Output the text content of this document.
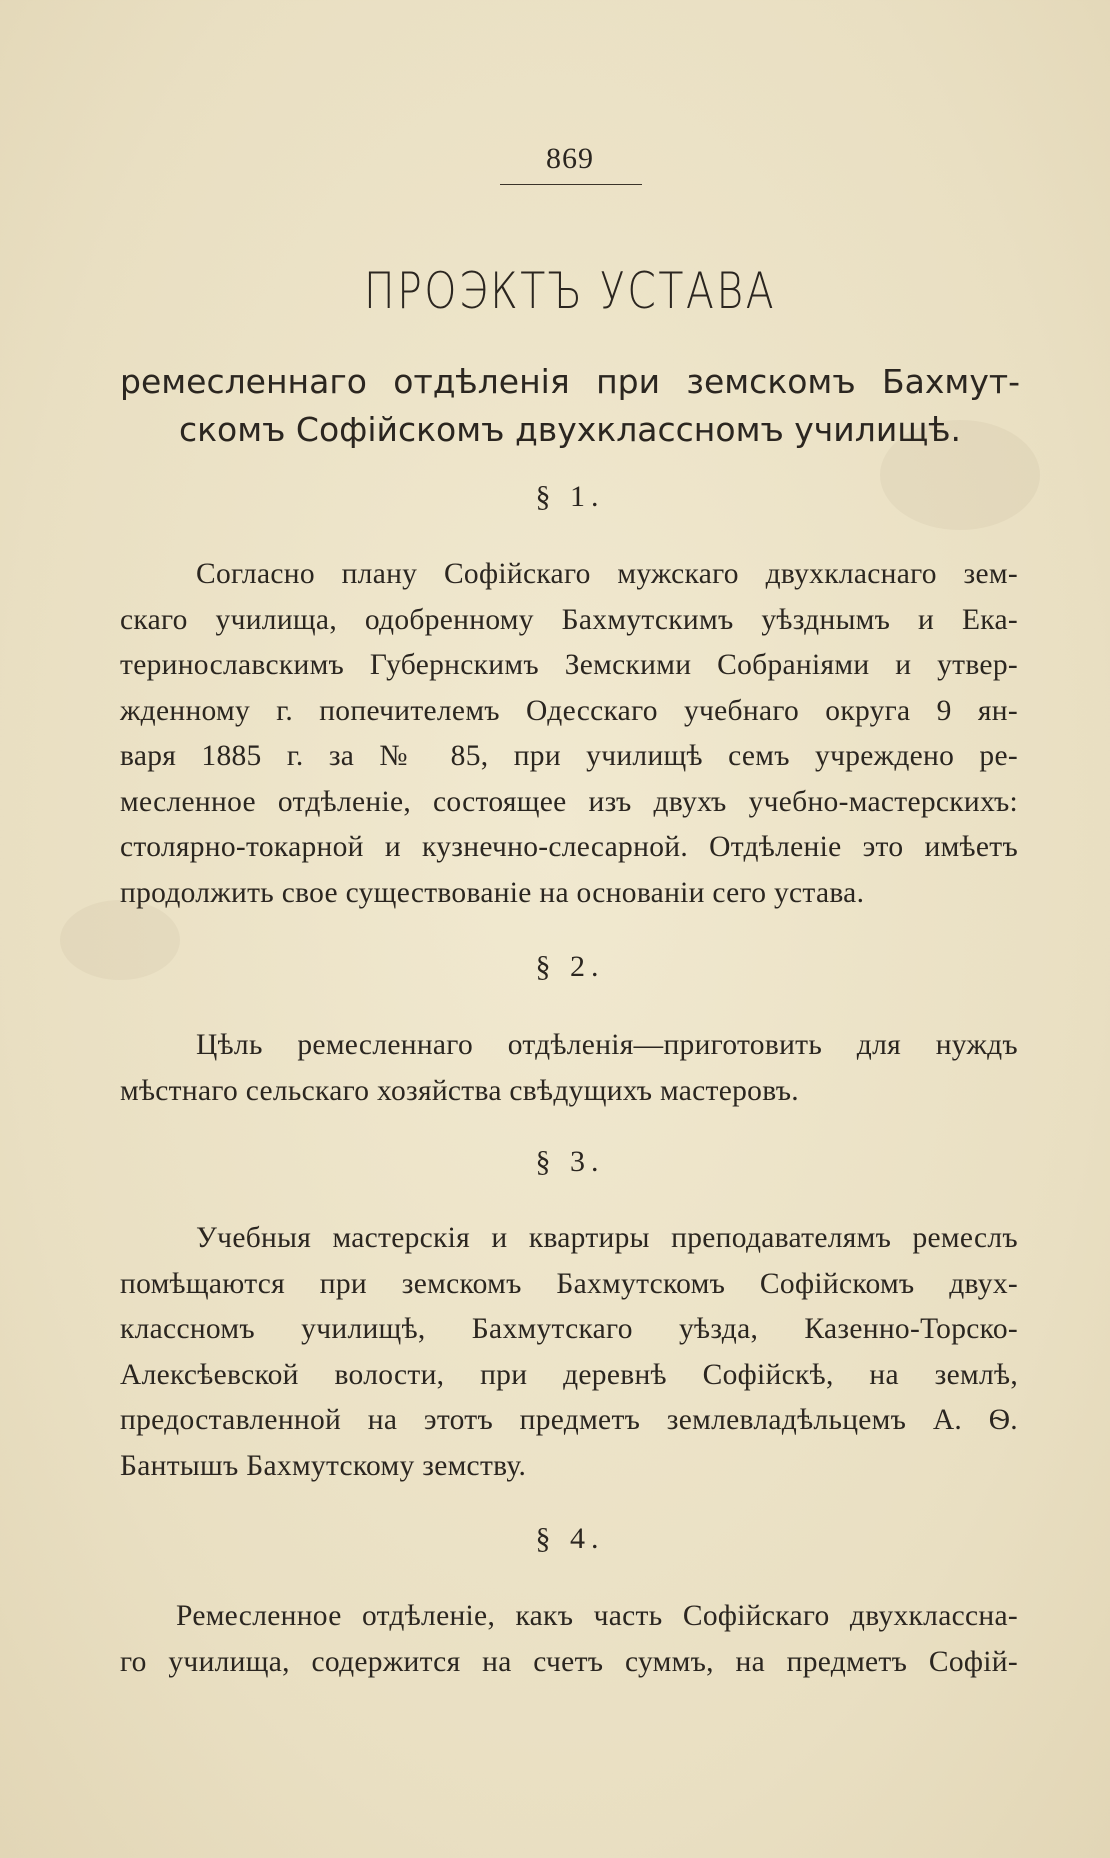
869
ПРОЭКТЪ УСТАВА
ремесленнаго отдѣленія при земскомъ Бахмут-
скомъ Софійскомъ двухклассномъ училищѣ.
§ 1.
Согласно плану Софійскаго мужскаго двухкласнаго зем-
скаго училища, одобренному Бахмутскимъ уѣзднымъ и Ека-
теринославскимъ Губернскимъ Земскими Собраніями и утвер-
жденному г. попечителемъ Одесскаго учебнаго округа 9 ян-
варя 1885 г. за № 85, при училищѣ семъ учреждено ре-
месленное отдѣленіе, состоящее изъ двухъ учебно-мастерскихъ:
столярно-токарной и кузнечно-слесарной. Отдѣленіе это имѣетъ
продолжить свое существованіе на основаніи сего устава.
§ 2.
Цѣль ремесленнаго отдѣленія—приготовить для нуждъ
мѣстнаго сельскаго хозяйства свѣдущихъ мастеровъ.
§ 3.
Учебныя мастерскія и квартиры преподавателямъ ремеслъ
помѣщаются при земскомъ Бахмутскомъ Софійскомъ двух-
классномъ училищѣ, Бахмутскаго уѣзда, Казенно-Торско-
Алексѣевской волости, при деревнѣ Софійскѣ, на землѣ,
предоставленной на этотъ предметъ землевладѣльцемъ А. Ѳ.
Бантышъ Бахмутскому земству.
§ 4.
Ремесленное отдѣленіе, какъ часть Софійскаго двухклассна-
го училища, содержится на счетъ суммъ, на предметъ Софій-
